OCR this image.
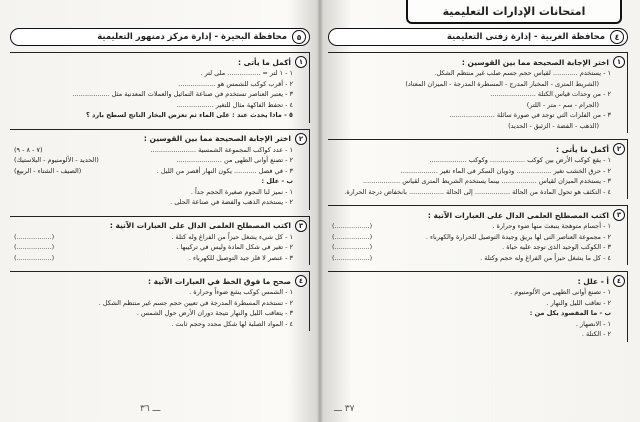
امتحانات الإدارات التعليمية
٤
محافظة الغربية - إدارة زفتى التعليمية
١
اختر الإجابة الصحيحة مما بين القوسين :
١ - يستخدم ............ لقياس حجم جسم صلب غير منتظم الشكل.
(الشريط المترى - المخبار المدرج - المسطرة المدرجة - الميزان المعتاد)
٢ - من وحدات قياس الكتلة ......................
(الجرام - سم - متر - اللتر)
٣ - من الفلزات التي توجد في صورة سائلة ......................
(الذهب - الفضة - الزئبق - الحديد)
٢
أكمل ما يأتى :
١ - يقع كوكب الأرض بين كوكب ................. وكوكب ..................
٢ - حرق الخشب تغير ................. وذوبان السكر فى الماء تغير ..................
٣ - يستخدم الميزان لقياس ................. بينما يستخدم الشريط المترى لقياس ..................
٤ - التكثف هو تحول المادة من الحالة ................. إلى الحالة ................. بانخفاض درجة الحرارة.
٣
اكتب المصطلح العلمى الدال على العبارات الآتية :
١ - أجسام متوهجة ينبعث منها ضوء وحرارة .
(.................)
٢ - مجموعة العناصر التى لها بريق وجيدة التوصيل للحرارة والكهرباء .
(.................)
٣ - الكوكب الوحيد الذى توجد عليه حياة .
(.................)
٤ - كل ما يشغل حيزاً من الفراغ وله حجم وكتلة .
(.................)
٤
أ - علل :
١ - تصنع أوانى الطهى من الألومنيوم .
٢ - تعاقب الليل والنهار .
ب - ما المقصود بكل من :
١ - الانصهار .
٢ - الكتلة .
٣٧ ـــ
٥
محافظة البحيرة - إدارة مركز دمنهور التعليمية
١
أكمل ما يأتى :
١ - ١ لتر = ................ ملى لتر .
٢ - أقرب كوكب للشمس هو ..................
٣ - يعتبر العناصر تستخدم في صناعة التماثيل والعملات المعدنية مثل ..................
٤ - تحفظ الفاكهة مثال للتغير ..................
٥ - ماذا يحدث عند : غلى الماء ثم تعرض البخار الناتج لسطح بارد ؟
٢
اختر الإجابة الصحيحة مما بين القوسين :
١ - عدد كواكب المجموعة الشمسية ......................
(٧ - ٨ - ٩)
٢ - تصنع أوانى الطهى من ......................
(الحديد - الألومنيوم - البلاستيك)
٣ - في فصل ........... يكون النهار أقصر من الليل .
(الصيف - الشتاء - الربيع)
ب - علل :
١ - نميز لنا النجوم صغيرة الحجم جداً .
٢ - يستخدم الذهب والفضة في صناعة الحلى .
٣
اكتب المصطلح العلمى الدال على العبارات الآتية :
١ - كل شيء يشغل حيزاً من الفراغ وله كتلة .
(.................)
٢ - تغير في شكل المادة وليس في تركيبها .
(.................)
٣ - عنصر لا فلز جيد التوصيل للكهرباء .
(.................)
٤
صحح ما فوق الخط في العبارات الآتية :
١ - الشمس كوكب يشع ضوءاً وحرارة .
٢ - تستخدم المسطرة المدرجة في تعيين حجم جسم غير منتظم الشكل .
٣ - يتعاقب الليل والنهار نتيجة دوران الأرض حول الشمس .
٤ - المواد الصلبة لها شكل محدد وحجم ثابت .
ـــ ٣٦
